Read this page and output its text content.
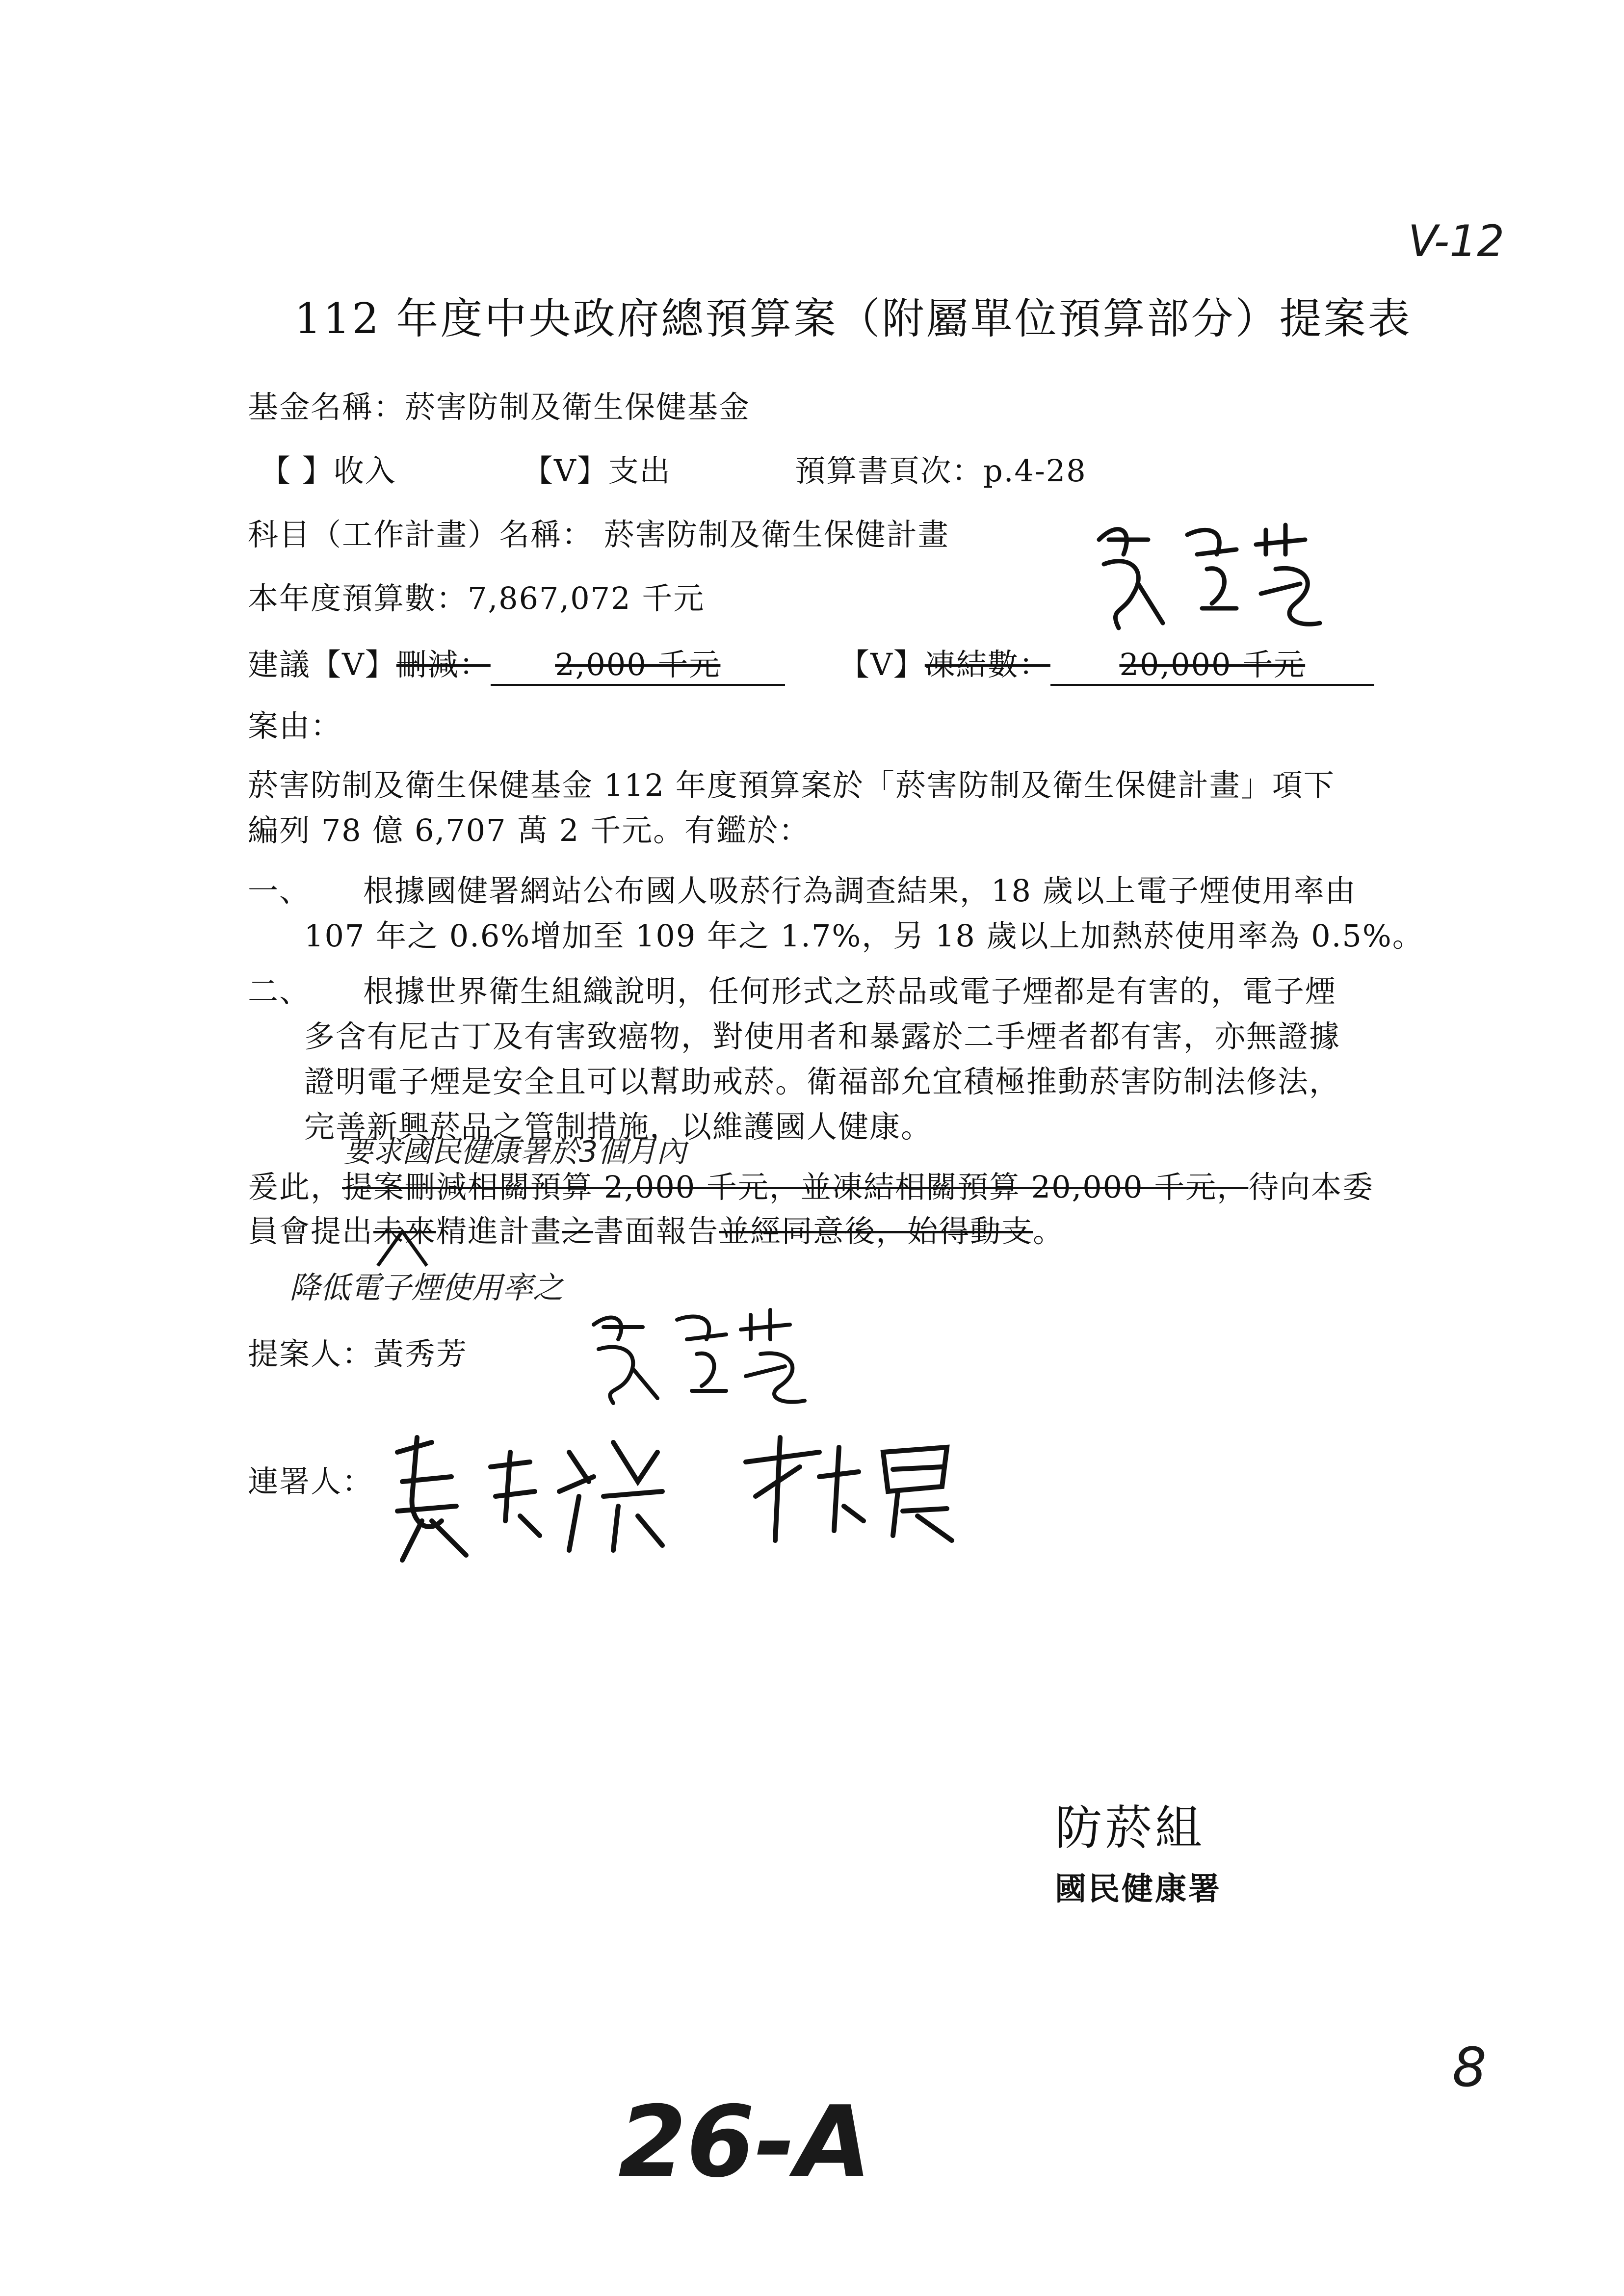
V-12
112 年度中央政府總預算案（附屬單位預算部分）提案表
基金名稱：菸害防制及衛生保健基金
【 】收入	【V】支出	預算書頁次：p.4-28
科目（工作計畫）名稱： 菸害防制及衛生保健計畫
本年度預算數：7,867,072 千元
建議【V】刪減： 2,000 千元	【V】凍結數： 20,000 千元
案由：
菸害防制及衛生保健基金 112 年度預算案於「菸害防制及衛生保健計畫」項下
編列 78 億 6,707 萬 2 千元。有鑑於：
一、	根據國健署網站公布國人吸菸行為調查結果，18 歲以上電子煙使用率由
107 年之 0.6%增加至 109 年之 1.7%，另 18 歲以上加熱菸使用率為 0.5%。
二、	根據世界衛生組織說明，任何形式之菸品或電子煙都是有害的，電子煙
多含有尼古丁及有害致癌物，對使用者和暴露於二手煙者都有害，亦無證據
證明電子煙是安全且可以幫助戒菸。衛福部允宜積極推動菸害防制法修法，
完善新興菸品之管制措施，以維護國人健康。
要求國民健康署於3個月內
爰此，提案刪減相關預算 2,000 千元，並凍結相關預算 20,000 千元，待向本委
員會提出未來精進計畫之書面報告並經同意後，始得動支。
降低電子煙使用率之
提案人：黃秀芳
連署人：
防菸組
國民健康署
8
26-A
